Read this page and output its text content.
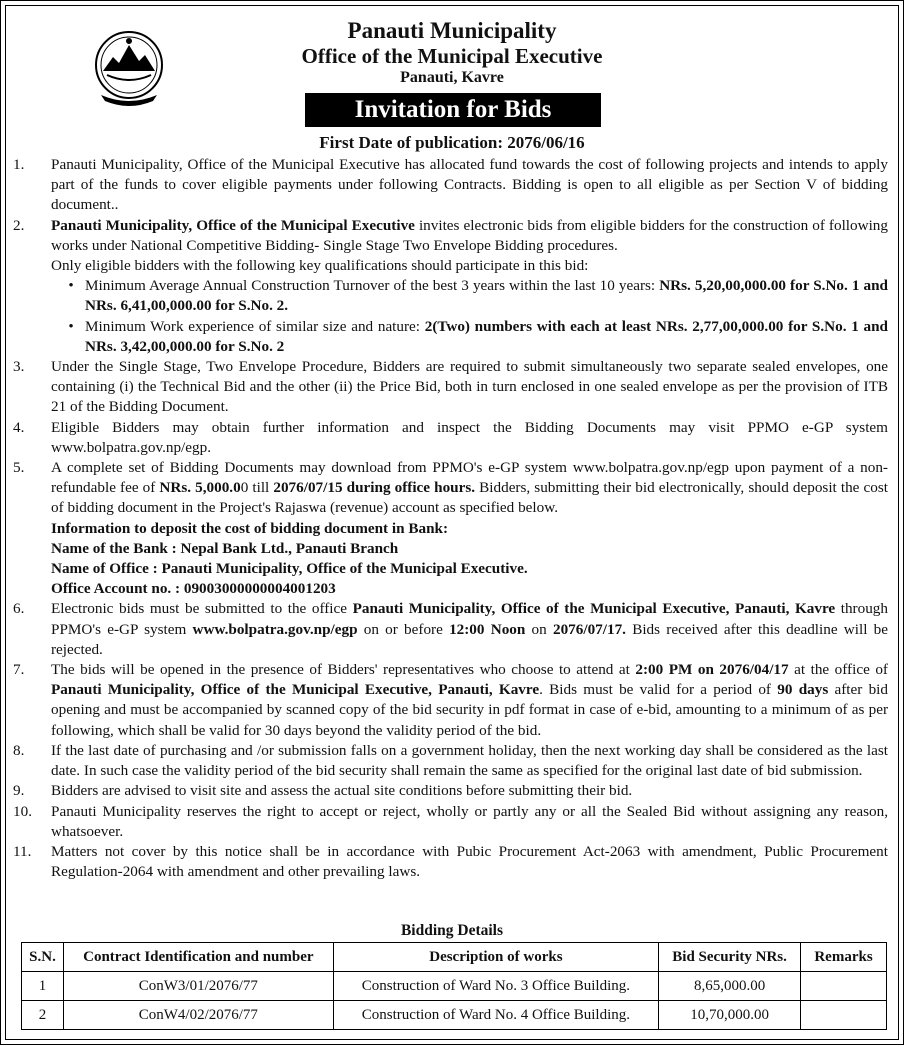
Panauti Municipality
Office of the Municipal Executive
Panauti, Kavre
Invitation for Bids
First Date of publication: 2076/06/16
1.	Panauti Municipality, Office of the Municipal Executive has allocated fund towards the cost of following projects and intends to apply part of the funds to cover eligible payments under following Contracts. Bidding is open to all eligible as per Section V of bidding document..
2.	Panauti Municipality, Office of the Municipal Executive invites electronic bids from eligible bidders for the construction of following works under National Competitive Bidding- Single Stage Two Envelope Bidding procedures.
Only eligible bidders with the following key qualifications should participate in this bid:
• Minimum Average Annual Construction Turnover of the best 3 years within the last 10 years: NRs. 5,20,00,000.00 for S.No. 1 and NRs. 6,41,00,000.00 for S.No. 2.
• Minimum Work experience of similar size and nature: 2(Two) numbers with each at least NRs. 2,77,00,000.00 for S.No. 1 and NRs. 3,42,00,000.00 for S.No. 2
3.	Under the Single Stage, Two Envelope Procedure, Bidders are required to submit simultaneously two separate sealed envelopes, one containing (i) the Technical Bid and the other (ii) the Price Bid, both in turn enclosed in one sealed envelope as per the provision of ITB 21 of the Bidding Document.
4.	Eligible Bidders may obtain further information and inspect the Bidding Documents may visit PPMO e-GP system www.bolpatra.gov.np/egp.
5.	A complete set of Bidding Documents may download from PPMO's e-GP system www.bolpatra.gov.np/egp upon payment of a non-refundable fee of NRs. 5,000.00 till 2076/07/15 during office hours. Bidders, submitting their bid electronically, should deposit the cost of bidding document in the Project's Rajaswa (revenue) account as specified below.
Information to deposit the cost of bidding document in Bank:
Name of the Bank : Nepal Bank Ltd., Panauti Branch
Name of Office : Panauti Municipality, Office of the Municipal Executive.
Office Account no. : 09003000000004001203
6.	Electronic bids must be submitted to the office Panauti Municipality, Office of the Municipal Executive, Panauti, Kavre through PPMO's e-GP system www.bolpatra.gov.np/egp on or before 12:00 Noon on 2076/07/17. Bids received after this deadline will be rejected.
7.	The bids will be opened in the presence of Bidders' representatives who choose to attend at 2:00 PM on 2076/04/17 at the office of Panauti Municipality, Office of the Municipal Executive, Panauti, Kavre. Bids must be valid for a period of 90 days after bid opening and must be accompanied by scanned copy of the bid security in pdf format in case of e-bid, amounting to a minimum of as per following, which shall be valid for 30 days beyond the validity period of the bid.
8.	If the last date of purchasing and /or submission falls on a government holiday, then the next working day shall be considered as the last date. In such case the validity period of the bid security shall remain the same as specified for the original last date of bid submission.
9.	Bidders are advised to visit site and assess the actual site conditions before submitting their bid.
10.	Panauti Municipality reserves the right to accept or reject, wholly or partly any or all the Sealed Bid without assigning any reason, whatsoever.
11.	Matters not cover by this notice shall be in accordance with Pubic Procurement Act-2063 with amendment, Public Procurement Regulation-2064 with amendment and other prevailing laws.
Bidding Details
S.N.	Contract Identification and number	Description of works	Bid Security NRs.	Remarks
1	ConW3/01/2076/77	Construction of Ward No. 3 Office Building.	8,65,000.00	
2	ConW4/02/2076/77	Construction of Ward No. 4 Office Building.	10,70,000.00	
